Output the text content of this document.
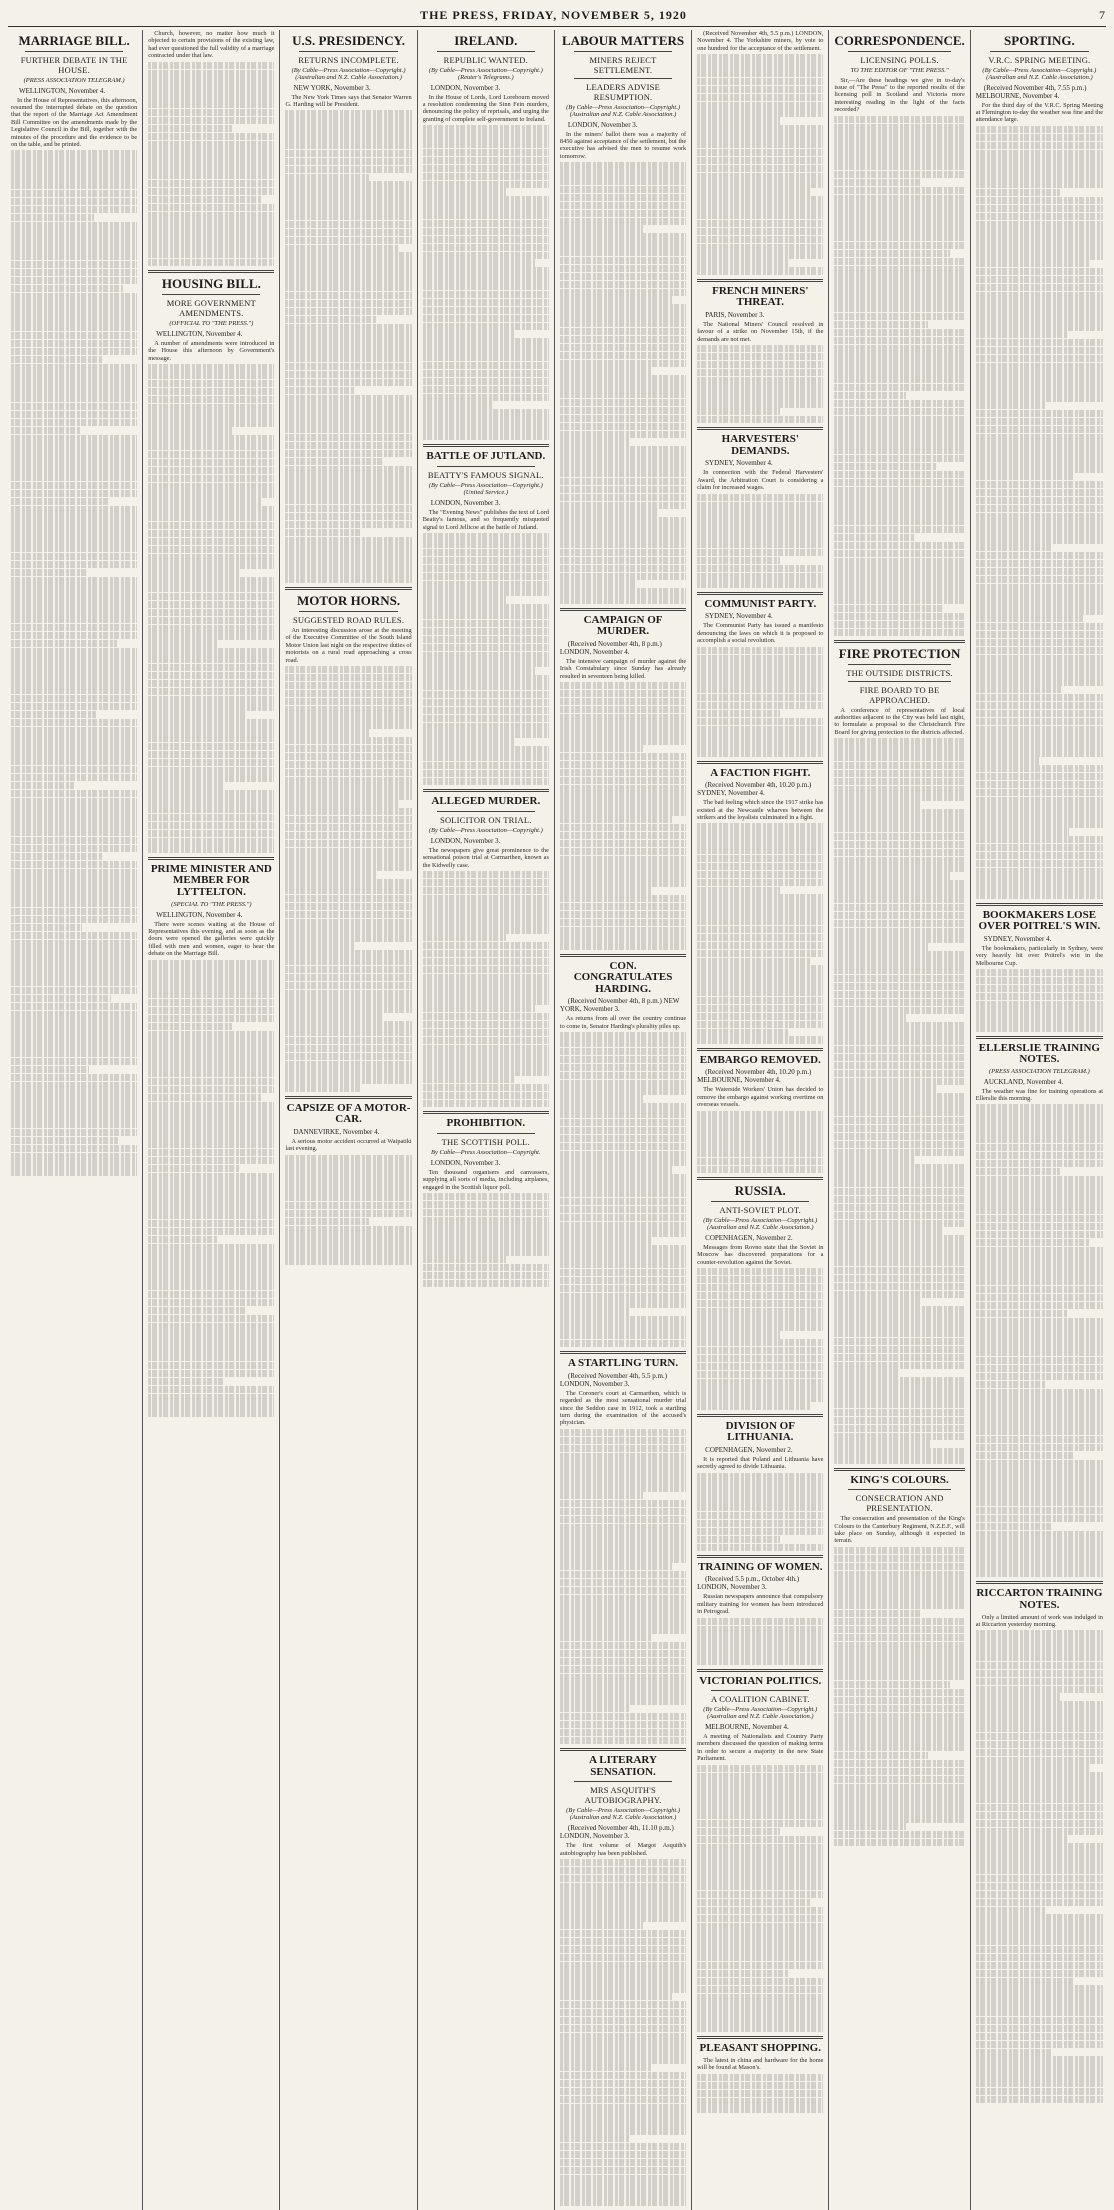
THE PRESS, FRIDAY, NOVEMBER 5, 1920	7
MARRIAGE BILL.
FURTHER DEBATE IN THE HOUSE.
(PRESS ASSOCIATION TELEGRAM.)
WELLINGTON, November 4.
In the House of Representatives, this afternoon, resumed the interrupted debate on the question that the report of the Marriage Act Amendment Bill Committee on the amendments made by the Legislative Council in the Bill, together with the minutes of the procedure and the evidence to be on the table, and be printed.
Church, however, no matter how much it objected to certain provisions of the existing law, had ever questioned the full validity of a marriage contracted under that law.
HOUSING BILL.
MORE GOVERNMENT AMENDMENTS.
(OFFICIAL TO "THE PRESS.")
WELLINGTON, November 4.
A number of amendments were introduced in the House this afternoon by Government's message.
PRIME MINISTER AND MEMBER FOR LYTTELTON.
(SPECIAL TO "THE PRESS.")
WELLINGTON, November 4.
There were scenes waiting at the House of Representatives this evening, and as soon as the doors were opened the galleries were quickly filled with men and women, eager to hear the debate on the Marriage Bill.
U.S. PRESIDENCY.
RETURNS INCOMPLETE.
(By Cable—Press Association—Copyright.) (Australian and N.Z. Cable Association.)
NEW YORK, November 3.
The New York Times says that Senator Warren G. Harding will be President.
MOTOR HORNS.
SUGGESTED ROAD RULES.
An interesting discussion arose at the meeting of the Executive Committee of the South Island Motor Union last night on the respective duties of motorists on a rural road approaching a cross road.
CAPSIZE OF A MOTOR-CAR.
DANNEVIRKE, November 4.
A serious motor accident occurred at Waipatiki last evening.
IRELAND.
REPUBLIC WANTED.
(By Cable—Press Association—Copyright.) (Reuter's Telegrams.)
LONDON, November 3.
In the House of Lords, Lord Lorebourn moved a resolution condemning the Sinn Fein murders, denouncing the policy of reprisals, and urging the granting of complete self-government to Ireland.
BATTLE OF JUTLAND.
BEATTY'S FAMOUS SIGNAL.
(By Cable—Press Association—Copyright.) (United Service.)
LONDON, November 3.
The "Evening News" publishes the text of Lord Beatty's famous, and so frequently misquoted signal to Lord Jellicoe at the battle of Jutland.
ALLEGED MURDER.
SOLICITOR ON TRIAL.
(By Cable—Press Association—Copyright.)
LONDON, November 3.
The newspapers give great prominence to the sensational poison trial at Carmarthen, known as the Kidwelly case.
PROHIBITION.
THE SCOTTISH POLL.
By Cable—Press Association—Copyright.
LONDON, November 3.
Ten thousand organisers and canvassers, supplying all sorts of media, including airplanes, engaged in the Scottish liquor poll.
LABOUR MATTERS
MINERS REJECT SETTLEMENT.
LEADERS ADVISE RESUMPTION.
(By Cable—Press Association—Copyright.) (Australian and N.Z. Cable Association.)
LONDON, November 3.
In the miners' ballot there was a majority of 8450 against acceptance of the settlement, but the executive has advised the men to resume work tomorrow.
CAMPAIGN OF MURDER.
(Received November 4th, 8 p.m.) LONDON, November 4.
The intensive campaign of murder against the Irish Constabulary since Sunday has already resulted in seventeen being killed.
CON. CONGRATULATES HARDING.
(Received November 4th, 8 p.m.) NEW YORK, November 3.
As returns from all over the country continue to come in, Senator Harding's plurality piles up.
A STARTLING TURN.
(Received November 4th, 5.5 p.m.) LONDON, November 3.
The Coroner's court at Carmarthen, which is regarded as the most sensational murder trial since the Seddon case in 1912, took a startling turn during the examination of the accused's physician.
A LITERARY SENSATION.
MRS ASQUITH'S AUTOBIOGRAPHY.
(By Cable—Press Association—Copyright.) (Australian and N.Z. Cable Association.)
(Received November 4th, 11.10 p.m.) LONDON, November 3.
The first volume of Margot Asquith's autobiography has been published.
(Received November 4th, 5.5 p.m.) LONDON, November 4. The Yorkshire miners, by vote to one hundred for the acceptance of the settlement.
FRENCH MINERS' THREAT.
PARIS, November 3.
The National Miners' Council resolved in favour of a strike on November 15th, if the demands are not met.
HARVESTERS' DEMANDS.
SYDNEY, November 4.
In connection with the Federal Harvesters' Award, the Arbitration Court is considering a claim for increased wages.
COMMUNIST PARTY.
SYDNEY, November 4.
The Communist Party has issued a manifesto denouncing the laws on which it is proposed to accomplish a social revolution.
A FACTION FIGHT.
(Received November 4th, 10.20 p.m.) SYDNEY, November 4.
The bad feeling which since the 1917 strike has existed at the Newcastle wharves between the strikers and the loyalists culminated in a fight.
EMBARGO REMOVED.
(Received November 4th, 10.20 p.m.) MELBOURNE, November 4.
The Waterside Workers' Union has decided to remove the embargo against working overtime on overseas vessels.
RUSSIA.
ANTI-SOVIET PLOT.
(By Cable—Press Association—Copyright.) (Australian and N.Z. Cable Association.)
COPENHAGEN, November 2.
Messages from Rovno state that the Soviet in Moscow has discovered preparations for a counter-revolution against the Soviet.
DIVISION OF LITHUANIA.
COPENHAGEN, November 2.
It is reported that Poland and Lithuania have secretly agreed to divide Lithuania.
TRAINING OF WOMEN.
(Received 5.5 p.m., October 4th.) LONDON, November 3.
Russian newspapers announce that compulsory military training for women has been introduced in Petrograd.
VICTORIAN POLITICS.
A COALITION CABINET.
(By Cable—Press Association—Copyright.) (Australian and N.Z. Cable Association.)
MELBOURNE, November 4.
A meeting of Nationalists and Country Party members discussed the question of making terms in order to secure a majority in the new State Parliament.
PLEASANT SHOPPING.
The latest in china and hardware for the home will be found at Mason's.
CORRESPONDENCE.
LICENSING POLLS.
TO THE EDITOR OF "THE PRESS."
Sir,—Are these headings we give in to-day's issue of "The Press" to the reported results of the licensing poll in Scotland and Victoria more interesting reading in the light of the facts recorded?
FIRE PROTECTION
THE OUTSIDE DISTRICTS.
FIRE BOARD TO BE APPROACHED.
A conference of representatives of local authorities adjacent to the City was held last night, to formulate a proposal to the Christchurch Fire Board for giving protection to the districts affected.
KING'S COLOURS.
CONSECRATION AND PRESENTATION.
The consecration and presentation of the King's Colours to the Canterbury Regiment, N.Z.E.F., will take place on Sunday, although it expected in terrain.
SPORTING.
V.R.C. SPRING MEETING.
(By Cable—Press Association—Copyright.) (Australian and N.Z. Cable Association.)
(Received November 4th, 7.55 p.m.) MELBOURNE, November 4.
For the third day of the V.R.C. Spring Meeting at Flemington to-day the weather was fine and the attendance large.
BOOKMAKERS LOSE OVER POITREL'S WIN.
SYDNEY, November 4.
The bookmakers, particularly in Sydney, were very heavily hit over Poitrel's win in the Melbourne Cup.
ELLERSLIE TRAINING NOTES.
(PRESS ASSOCIATION TELEGRAM.)
AUCKLAND, November 4.
The weather was fine for training operations at Ellerslie this morning.
RICCARTON TRAINING NOTES.
Only a limited amount of work was indulged in at Riccarton yesterday morning.
